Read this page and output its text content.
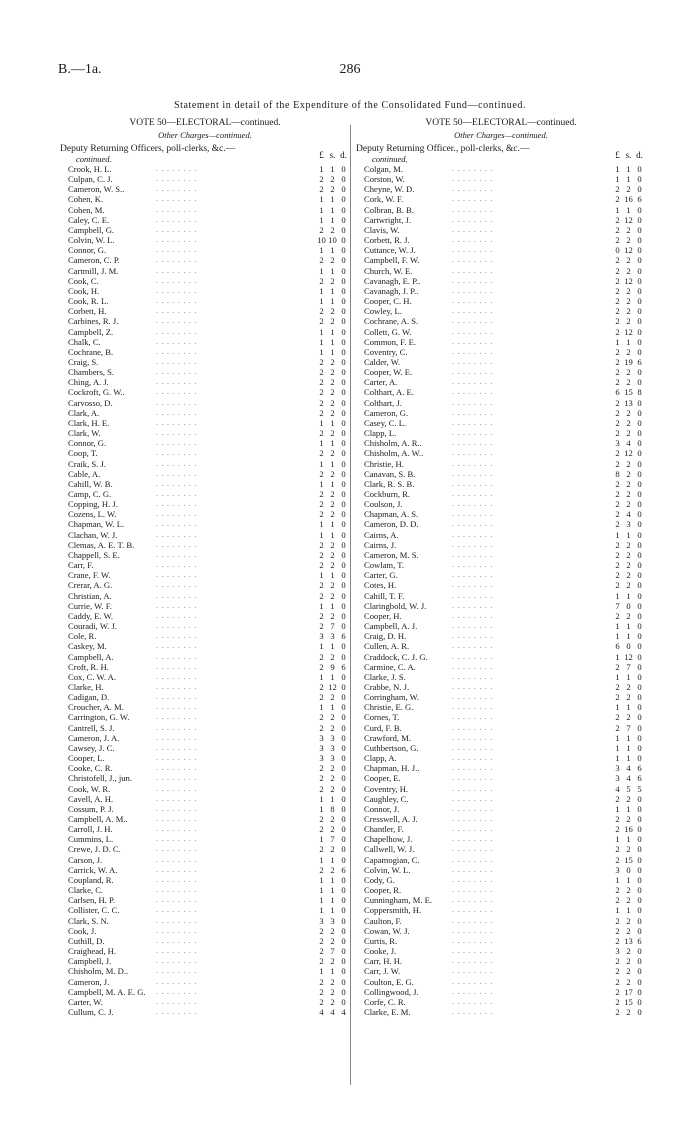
B.—1a.	286
Statement in detail of the Expenditure of the Consolidated Fund—continued.
VOTE 50—ELECTORAL—continued.
Other Charges—continued.
Deputy Returning Officers, poll-clerks, &c.—
£ s. d.
continued.
Crook, H. L.	. . . . . . . .	1 1 0
Culpan, C. J.	. . . . . . . .	2 2 0
Cameron, W. S..	. . . . . . . .	2 2 0
Cohen, K.	. . . . . . . .	1 1 0
Cohen, M.	. . . . . . . .	1 1 0
Caley, C. E.	. . . . . . . .	1 1 0
Campbell, G.	. . . . . . . .	2 2 0
Colvin, W. L.	. . . . . . . .	10 10 0
Connor, G.	. . . . . . . .	1 1 0
Cameron, C. P.	. . . . . . . .	2 2 0
Cartmill, J. M.	. . . . . . . .	1 1 0
Cook, C.	. . . . . . . .	2 2 0
Cook, H.	. . . . . . . .	1 1 0
Cook, R. L.	. . . . . . . .	1 1 0
Corbett, H.	. . . . . . . .	2 2 0
Carbines, R. J.	. . . . . . . .	2 2 0
Campbell, Z.	. . . . . . . .	1 1 0
Chalk, C.	. . . . . . . .	1 1 0
Cochrane, B.	. . . . . . . .	1 1 0
Craig, S.	. . . . . . . .	2 2 0
Chambers, S.	. . . . . . . .	2 2 0
Ching, A. J.	. . . . . . . .	2 2 0
Cockroft, G. W..	. . . . . . . .	2 2 0
Carvosso, D.	. . . . . . . .	2 2 0
Clark, A.	. . . . . . . .	2 2 0
Clark, H. E.	. . . . . . . .	1 1 0
Clark, W.	. . . . . . . .	2 2 0
Connor, G.	. . . . . . . .	1 1 0
Coop, T.	. . . . . . . .	2 2 0
Craik, S. J.	. . . . . . . .	1 1 0
Cable, A.	. . . . . . . .	2 2 0
Cahill, W. B.	. . . . . . . .	1 1 0
Camp, C. G.	. . . . . . . .	2 2 0
Copping, H. J.	. . . . . . . .	2 2 0
Cozens, L. W.	. . . . . . . .	2 2 0
Chapman, W. L.	. . . . . . . .	1 1 0
Clachan, W. J.	. . . . . . . .	1 1 0
Clemas, A. E. T. B.	. . . . . . . .	2 2 0
Chappell, S. E.	. . . . . . . .	2 2 0
Carr, F.	. . . . . . . .	2 2 0
Crane, F. W.	. . . . . . . .	1 1 0
Crerar, A. G.	. . . . . . . .	2 2 0
Christian, A.	. . . . . . . .	2 2 0
Currie, W. F.	. . . . . . . .	1 1 0
Caddy, E. W.	. . . . . . . .	2 2 0
Couradi, W. J.	. . . . . . . .	2 7 0
Cole, R.	. . . . . . . .	3 3 6
Caskey, M.	. . . . . . . .	1 1 0
Campbell, A.	. . . . . . . .	2 2 0
Croft, R. H.	. . . . . . . .	2 9 6
Cox, C. W. A.	. . . . . . . .	1 1 0
Clarke, H.	. . . . . . . .	2 12 0
Cadigan, D.	. . . . . . . .	2 2 0
Croucher, A. M.	. . . . . . . .	1 1 0
Carrington, G. W.	. . . . . . . .	2 2 0
Cantrell, S. J.	. . . . . . . .	2 2 0
Cameron, J. A.	. . . . . . . .	3 3 0
Cawsey, J. C.	. . . . . . . .	3 3 0
Cooper, L.	. . . . . . . .	3 3 0
Cooke, C. R.	. . . . . . . .	2 2 0
Christofell, J., jun.	. . . . . . . .	2 2 0
Cook, W. R.	. . . . . . . .	2 2 0
Cavell, A. H.	. . . . . . . .	1 1 0
Cossum, P. J.	. . . . . . . .	1 8 0
Campbell, A. M..	. . . . . . . .	2 2 0
Carroll, J. H.	. . . . . . . .	2 2 0
Cummins, L.	. . . . . . . .	1 7 0
Crewe, J. D. C.	. . . . . . . .	2 2 0
Carson, J.	. . . . . . . .	1 1 0
Carrick, W. A.	. . . . . . . .	2 2 6
Coupland, R.	. . . . . . . .	1 1 0
Clarke, C.	. . . . . . . .	1 1 0
Carlsen, H. P.	. . . . . . . .	1 1 0
Collister, C. C.	. . . . . . . .	1 1 0
Clark, S. N.	. . . . . . . .	3 3 0
Cook, J.	. . . . . . . .	2 2 0
Cuthill, D.	. . . . . . . .	2 2 0
Craighead, H.	. . . . . . . .	2 7 0
Campbell, J.	. . . . . . . .	2 2 0
Chisholm, M. D..	. . . . . . . .	1 1 0
Cameron, J.	. . . . . . . .	2 2 0
Campbell, M. A. E. G. . . . . . . . .	2 2 0
Carter, W.	. . . . . . . .	2 2 0
Cullum, C. J.	. . . . . . . .	4 4 4
VOTE 50—ELECTORAL—continued.
Other Charges—continued.
Deputy Returning Officer., poll-clerks, &c.—
£ s. d.
continued.
Colgan, M.	. . . . . . . .	1 1 0
Corston, W.	. . . . . . . .	1 1 0
Cheyne, W. D.	. . . . . . . .	2 2 0
Cork, W. F.	. . . . . . . .	2 16 6
Colbran, B. B.	. . . . . . . .	1 1 0
Cartwright, J.	. . . . . . . .	2 12 0
Clavis, W.	. . . . . . . .	2 2 0
Corbett, R. J.	. . . . . . . .	2 2 0
Cuttance, W. J.	. . . . . . . .	0 12 0
Campbell, F. W.	. . . . . . . .	2 2 0
Church, W. E.	. . . . . . . .	2 2 0
Cavanagh, E. P..	. . . . . . . .	2 12 0
Cavanagh, J. P..	. . . . . . . .	2 2 0
Cooper, C. H.	. . . . . . . .	2 2 0
Cowley, L.	. . . . . . . .	2 2 0
Cochrane, A. S.	. . . . . . . .	2 2 0
Collett, G. W.	. . . . . . . .	2 12 0
Common, F. E.	. . . . . . . .	1 1 0
Coventry, C.	. . . . . . . .	2 2 0
Calder, W.	. . . . . . . .	2 19 6
Cooper, W. E.	. . . . . . . .	2 2 0
Carter, A.	. . . . . . . .	2 2 0
Colthart, A. E.	. . . . . . . .	6 15 8
Colthart, J.	. . . . . . . .	2 13 0
Cameron, G.	. . . . . . . .	2 2 0
Casey, C. L.	. . . . . . . .	2 2 0
Clapp, L.	. . . . . . . .	2 2 0
Chisholm, A. R..	. . . . . . . .	3 4 0
Chisholm, A. W..	. . . . . . . .	2 12 0
Christie, H.	. . . . . . . .	2 2 0
Canavan, S. B.	. . . . . . . .	8 2 0
Clark, R. S. B.	. . . . . . . .	2 2 0
Cockburn, R.	. . . . . . . .	2 2 0
Coulson, J.	. . . . . . . .	2 2 0
Chapman, A. S.	. . . . . . . .	2 4 0
Cameron, D. D.	. . . . . . . .	2 3 0
Cairns, A.	. . . . . . . .	1 1 0
Cairns, J.	. . . . . . . .	2 2 0
Cameron, M. S.	. . . . . . . .	2 2 0
Cowlam, T.	. . . . . . . .	2 2 0
Carter, G.	. . . . . . . .	2 2 0
Cotes, H.	. . . . . . . .	2 2 0
Cahill, T. F.	. . . . . . . .	1 1 0
Claringbold, W. J.	. . . . . . . .	7 0 0
Cooper, H.	. . . . . . . .	2 2 0
Campbell, A. J.	. . . . . . . .	1 1 0
Craig, D. H.	. . . . . . . .	1 1 0
Cullen, A. R.	. . . . . . . .	6 0 0
Craddock, C. J. G.	. . . . . . . .	1 12 0
Carmine, C. A.	. . . . . . . .	2 7 0
Clarke, J. S.	. . . . . . . .	1 1 0
Crabbe, N. J.	. . . . . . . .	2 2 0
Corringham, W.	. . . . . . . .	2 2 0
Christie, E. G.	. . . . . . . .	1 1 0
Cornes, T.	. . . . . . . .	2 2 0
Curd, F. B.	. . . . . . . .	2 7 0
Crawford, M.	. . . . . . . .	1 1 0
Cuthbertson, G.	. . . . . . . .	1 1 0
Clapp, A.	. . . . . . . .	1 1 0
Chapman, H. J..	. . . . . . . .	3 4 6
Cooper, E.	. . . . . . . .	3 4 6
Coventry, H.	. . . . . . . .	4 5 5
Caughley, C.	. . . . . . . .	2 2 0
Connor, J.	. . . . . . . .	1 1 0
Cresswell, A. J.	. . . . . . . .	2 2 0
Chantler, F.	. . . . . . . .	2 16 0
Chapelhow, J.	. . . . . . . .	1 1 0
Callwell, W. J.	. . . . . . . .	2 2 0
Capamogian, C.	. . . . . . . .	2 15 0
Colvin, W. L.	. . . . . . . .	3 0 0
Cody, G.	. . . . . . . .	1 1 0
Cooper, R.	. . . . . . . .	2 2 0
Cunningham, M. E.	. . . . . . . .	2 2 0
Coppersmith, H.	. . . . . . . .	1 1 0
Caulton, F.	. . . . . . . .	2 2 0
Cowan, W. J.	. . . . . . . .	2 2 0
Curtis, R.	. . . . . . . .	2 13 6
Cooke, J.	. . . . . . . .	3 2 0
Carr, H. H.	. . . . . . . .	2 2 0
Carr, J. W.	. . . . . . . .	2 2 0
Coulton, E. G.	. . . . . . . .	2 2 0
Collingwood, J.	. . . . . . . .	2 17 0
Corfe, C. R.	. . . . . . . .	2 15 0
Clarke, E. M.	. . . . . . . .	2 2 0
